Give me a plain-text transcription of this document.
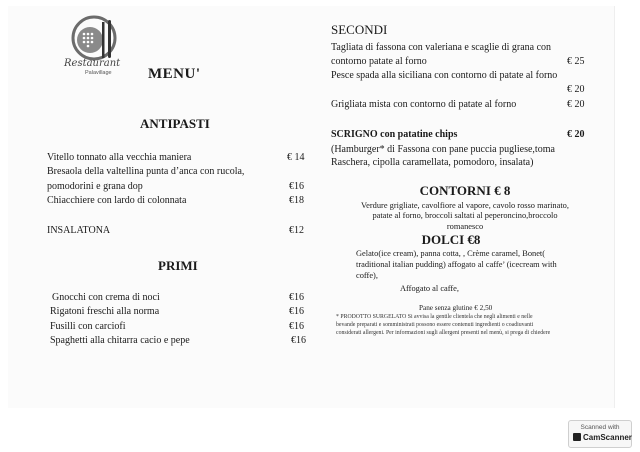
Restaurant
Palavillage MENU'
ANTIPASTI
Vitello tonnato alla vecchia maniera	€ 14
Bresaola della valtellina punta d’anca con rucola,
pomodorini e grana dop	€16
Chiacchiere con lardo di colonnata	€18
INSALATONA	€12
PRIMI
Gnocchi con crema di noci	€16
Rigatoni freschi alla norma	€16
Fusilli con carciofi	€16
Spaghetti alla chitarra cacio e pepe	€16
SECONDI
Tagliata di fassona con valeriana e scaglie di grana con
contorno patate al forno	€ 25
Pesce spada alla siciliana con contorno di patate al forno
€ 20
Grigliata mista con contorno di patate al forno	€ 20
SCRIGNO con patatine chips	€ 20
(Hamburger* di Fassona con pane puccia pugliese,toma
Raschera, cipolla caramellata, pomodoro, insalata)
CONTORNI € 8
Verdure grigliate, cavolfiore al vapore, cavolo rosso marinato,
patate al forno, broccoli saltati al peperoncino,broccolo
romanesco
DOLCI €8
Gelato(ice cream), panna cotta, , Crème caramel, Bonet(
traditional italian pudding) affogato al caffe’ (icecream with
coffe),
Affogato al caffe,
Pane senza glutine € 2,50
* PRODOTTO SURGELATO Si avvisa la gentile clientela che negli alimenti e nelle
bevande preparati e somministrati possono essere contenuti ingredienti o coadiuvanti
considerati allergeni. Per informazioni sugli allergeni presenti nel menù, si prega di chiedere
Scanned with
CamScanner
